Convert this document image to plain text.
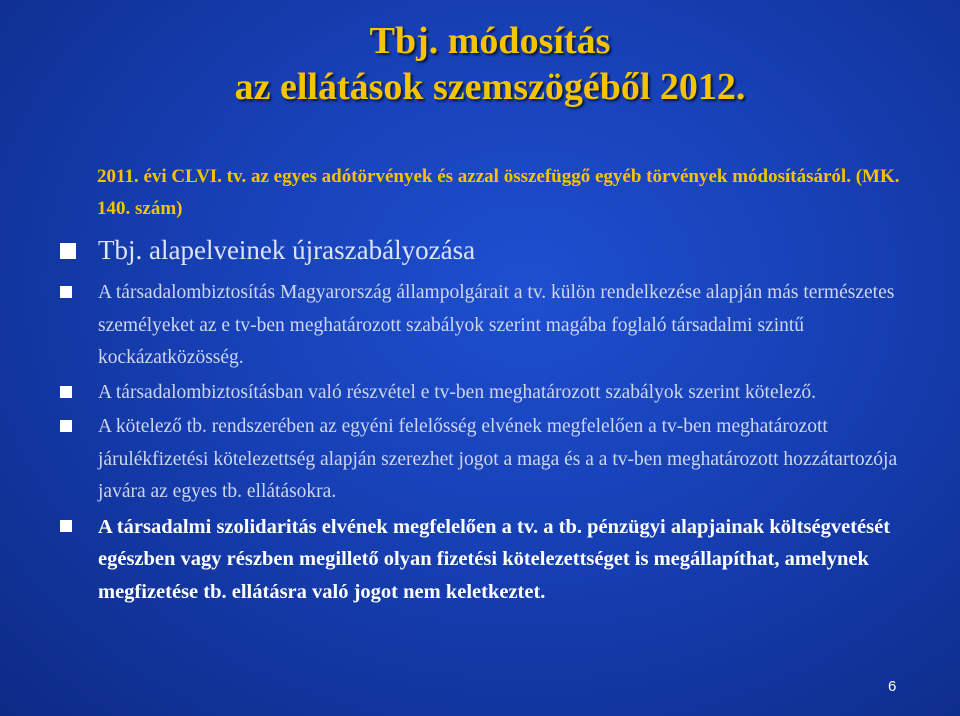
Tbj. módosítás
az ellátások szemszögéből 2012.
2011. évi CLVI. tv. az egyes adótörvények és azzal összefüggő egyéb törvények módosításáról. (MK. 140. szám)
Tbj. alapelveinek újraszabályozása
A társadalombiztosítás Magyarország állampolgárait a tv. külön rendelkezése alapján más természetes személyeket az e tv-ben meghatározott szabályok szerint magába foglaló társadalmi szintű kockázatközösség.
A társadalombiztosításban való részvétel e tv-ben meghatározott szabályok szerint kötelező.
A kötelező tb. rendszerében az egyéni felelősség elvének megfelelően a tv-ben meghatározott járulékfizetési kötelezettség alapján szerezhet jogot a maga és a a tv-ben meghatározott hozzátartozója javára az egyes tb. ellátásokra.
A társadalmi szolidaritás elvének megfelelően a tv. a tb. pénzügyi alapjainak költségvetését egészben vagy részben megillető olyan fizetési kötelezettséget is megállapíthat, amelynek megfizetése tb. ellátásra való jogot nem keletkeztet.
6
